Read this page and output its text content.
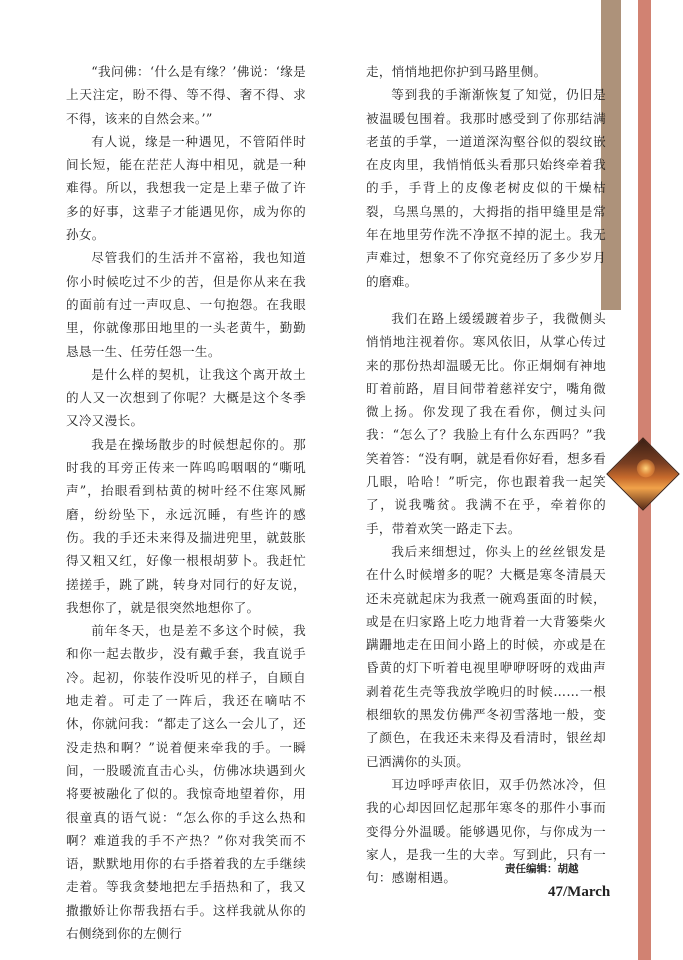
“我问佛：‘什么是有缘？’佛说：‘缘是上天注定，盼不得、等不得、奢不得、求不得，该来的自然会来。’”

有人说，缘是一种遇见，不管陌伴时间长短，能在茫茫人海中相见，就是一种难得。所以，我想我一定是上辈子做了许多的好事，这辈子才能遇见你，成为你的孙女。

尽管我们的生活并不富裕，我也知道你小时候吃过不少的苦，但是你从来在我的面前有过一声叹息、一句抱怨。在我眼里，你就像那田地里的一头老黄牛，勤勤恳恳一生、任劳任怨一生。

是什么样的契机，让我这个离开故土的人又一次想到了你呢？大概是这个冬季又冷又漫长。

我是在操场散步的时候想起你的。那时我的耳旁正传来一阵呜呜咽咽的“嘶吼声”，抬眼看到枯黄的树叶经不住寒风厮磨，纷纷坠下，永远沉睡，有些许的感伤。我的手还未来得及揣进兜里，就鼓胀得又粗又红，好像一根根胡萝卜。我赶忙搓搓手，跳了跳，转身对同行的好友说，我想你了，就是很突然地想你了。

前年冬天，也是差不多这个时候，我和你一起去散步，没有戴手套，我直说手冷。起初，你装作没听见的样子，自顾自地走着。可走了一阵后，我还在嘀咕不休，你就问我：“都走了这么一会儿了，还没走热和啊？”说着便来牵我的手。一瞬间，一股暖流直击心头，仿佛冰块遇到火将要被融化了似的。我惊奇地望着你，用很童真的语气说：“怎么你的手这么热和啊？难道我的手不产热？”你对我笑而不语，默默地用你的右手搭着我的左手继续走着。等我贪婪地把左手捂热和了，我又撒撒娇让你帮我捂右手。这样我就从你的右侧绕到你的左侧行

走，悄悄地把你护到马路里侧。

等到我的手渐渐恢复了知觉，仍旧是被温暖包围着。我那时感受到了你那结满老茧的手掌，一道道深沟壑谷似的裂纹嵌在皮肉里，我悄悄低头看那只始终牵着我的手，手背上的皮像老树皮似的干燥枯裂，乌黑乌黑的，大拇指的指甲缝里是常年在地里劳作洗不净抠不掉的泥土。我无声难过，想象不了你究竟经历了多少岁月的磨难。

我们在路上缓缓踱着步子，我微侧头悄悄地注视着你。寒风依旧，从掌心传过来的那份热却温暖无比。你正炯炯有神地盯着前路，眉目间带着慈祥安宁，嘴角微微上扬。你发现了我在看你，侧过头问我：“怎么了？我脸上有什么东西吗？”我笑着答：“没有啊，就是看你好看，想多看几眼，哈哈！”听完，你也跟着我一起笑了，说我嘴贫。我满不在乎，牵着你的手，带着欢笑一路走下去。

我后来细想过，你头上的丝丝银发是在什么时候增多的呢？大概是寒冬清晨天还未亮就起床为我煮一碗鸡蛋面的时候，或是在归家路上吃力地背着一大背篓柴火蹒跚地走在田间小路上的时候，亦或是在昏黄的灯下听着电视里咿咿呀呀的戏曲声剥着花生壳等我放学晚归的时候……一根根细软的黑发仿佛严冬初雪落地一般，变了颜色，在我还未来得及看清时，银丝却已洒满你的头顶。

耳边呼呼声依旧，双手仍然冰冷，但我的心却因回忆起那年寒冬的那件小事而变得分外温暖。能够遇见你，与你成为一家人，是我一生的大幸。写到此，只有一句：感谢相遇。

责任编辑：胡越
47/March
